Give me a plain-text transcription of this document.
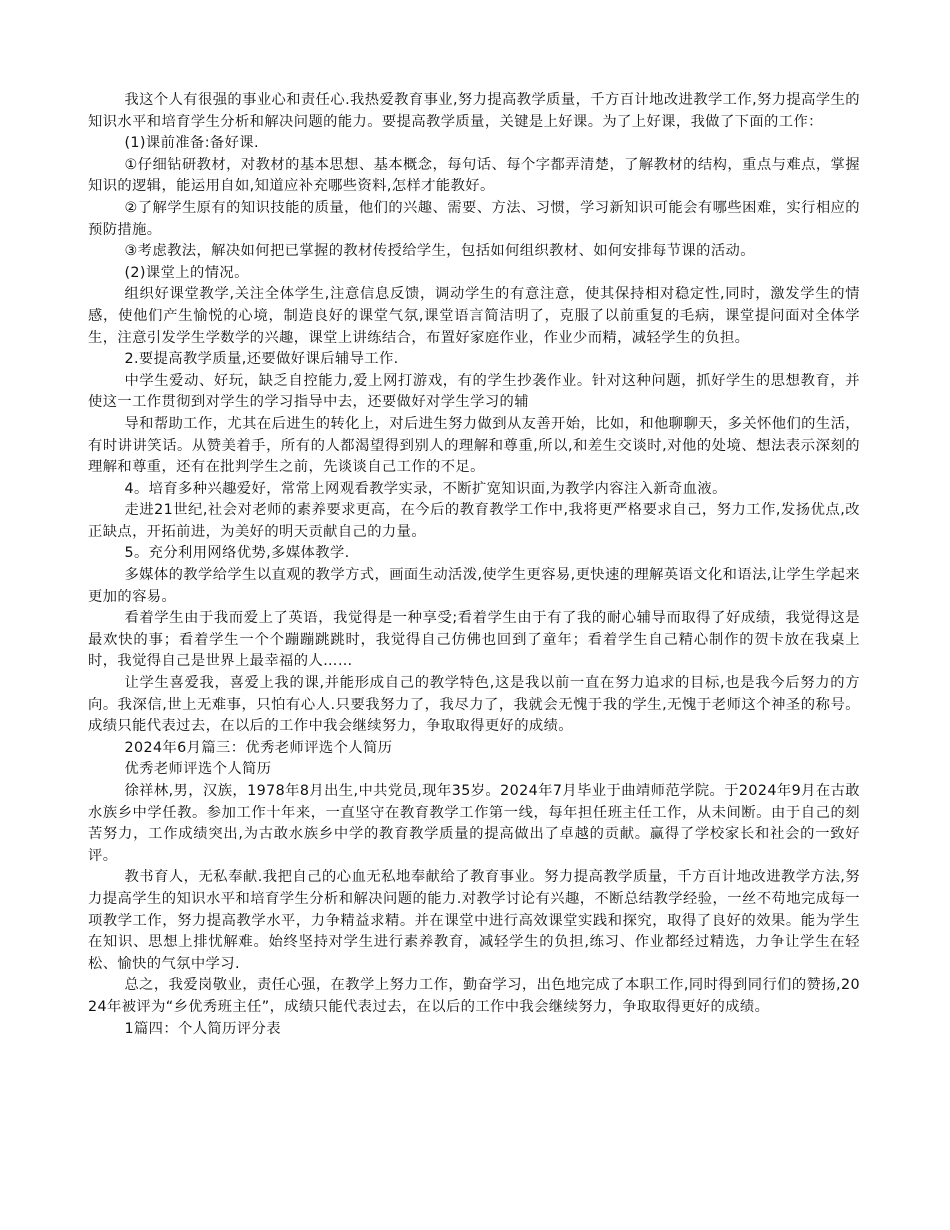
我这个人有很强的事业心和责任心.我热爱教育事业,努力提高教学质量，千方百计地改进教学工作,努力提高学生的知识水平和培育学生分析和解决问题的能力。要提高教学质量，关键是上好课。为了上好课，我做了下面的工作：

(1)课前准备:备好课.

①仔细钻研教材，对教材的基本思想、基本概念，每句话、每个字都弄清楚，了解教材的结构，重点与难点，掌握知识的逻辑，能运用自如,知道应补充哪些资料,怎样才能教好。

②了解学生原有的知识技能的质量，他们的兴趣、需要、方法、习惯，学习新知识可能会有哪些困难，实行相应的预防措施。

③考虑教法，解决如何把已掌握的教材传授给学生，包括如何组织教材、如何安排每节课的活动。

(2)课堂上的情况。

组织好课堂教学,关注全体学生,注意信息反馈，调动学生的有意注意，使其保持相对稳定性,同时，激发学生的情感，使他们产生愉悦的心境，制造良好的课堂气氛,课堂语言简洁明了，克服了以前重复的毛病，课堂提问面对全体学生，注意引发学生学数学的兴趣，课堂上讲练结合，布置好家庭作业，作业少而精，减轻学生的负担。

2.要提高教学质量,还要做好课后辅导工作.

中学生爱动、好玩，缺乏自控能力,爱上网打游戏，有的学生抄袭作业。针对这种问题，抓好学生的思想教育，并使这一工作贯彻到对学生的学习指导中去，还要做好对学生学习的辅

导和帮助工作，尤其在后进生的转化上，对后进生努力做到从友善开始，比如，和他聊聊天，多关怀他们的生活，有时讲讲笑话。从赞美着手，所有的人都渴望得到别人的理解和尊重,所以,和差生交谈时,对他的处境、想法表示深刻的理解和尊重，还有在批判学生之前，先谈谈自己工作的不足。

4。培育多种兴趣爱好，常常上网观看教学实录，不断扩宽知识面,为教学内容注入新奇血液。

走进21世纪,社会对老师的素养要求更高，在今后的教育教学工作中,我将更严格要求自己，努力工作,发扬优点,改正缺点，开拓前进，为美好的明天贡献自己的力量。

5。充分利用网络优势,多媒体教学.

多媒体的教学给学生以直观的教学方式，画面生动活泼,使学生更容易,更快速的理解英语文化和语法,让学生学起来更加的容易。

看着学生由于我而爱上了英语，我觉得是一种享受;看着学生由于有了我的耐心辅导而取得了好成绩，我觉得这是最欢快的事；看着学生一个个蹦蹦跳跳时，我觉得自己仿佛也回到了童年；看着学生自己精心制作的贺卡放在我桌上时，我觉得自己是世界上最幸福的人……

让学生喜爱我，喜爱上我的课,并能形成自己的教学特色,这是我以前一直在努力追求的目标,也是我今后努力的方向。我深信,世上无难事，只怕有心人.只要我努力了，我尽力了，我就会无愧于我的学生,无愧于老师这个神圣的称号。 成绩只能代表过去，在以后的工作中我会继续努力，争取取得更好的成绩。

2024年6月篇三：优秀老师评选个人简历

优秀老师评选个人简历

徐祥林,男，汉族，1978年8月出生,中共党员,现年35岁。2024年7月毕业于曲靖师范学院。于2024年9月在古敢水族乡中学任教。参加工作十年来，一直坚守在教育教学工作第一线，每年担任班主任工作，从未间断。由于自己的刻苦努力，工作成绩突出,为古敢水族乡中学的教育教学质量的提高做出了卓越的贡献。赢得了学校家长和社会的一致好评。

教书育人，无私奉献.我把自己的心血无私地奉献给了教育事业。努力提高教学质量，千方百计地改进教学方法,努力提高学生的知识水平和培育学生分析和解决问题的能力.对教学讨论有兴趣，不断总结教学经验，一丝不苟地完成每一项教学工作，努力提高教学水平，力争精益求精。并在课堂中进行高效课堂实践和探究，取得了良好的效果。能为学生在知识、思想上排忧解难。始终坚持对学生进行素养教育，减轻学生的负担,练习、作业都经过精选，力争让学生在轻松、愉快的气氛中学习.

总之，我爱岗敬业，责任心强，在教学上努力工作，勤奋学习，出色地完成了本职工作,同时得到同行们的赞扬,2024年被评为“乡优秀班主任”，成绩只能代表过去，在以后的工作中我会继续努力，争取取得更好的成绩。

1篇四：个人简历评分表
